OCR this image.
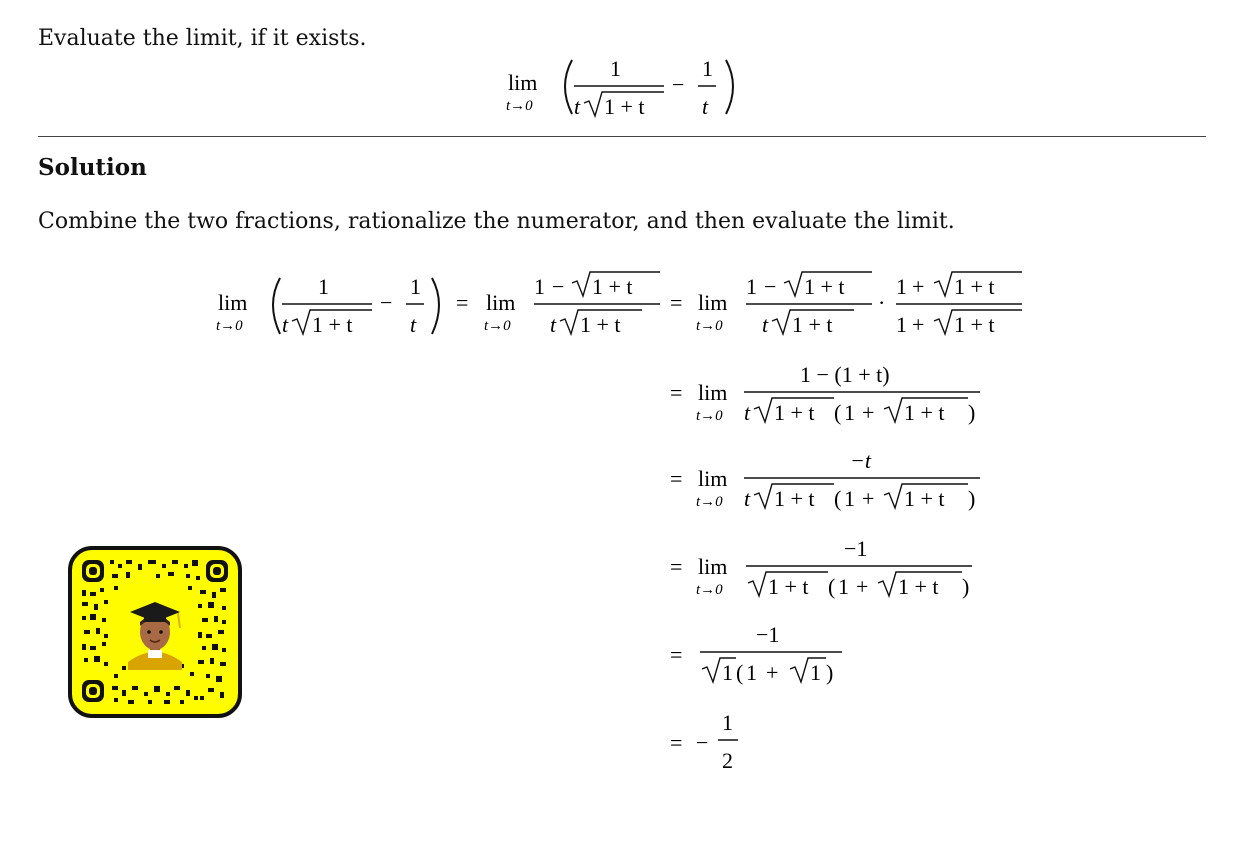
Evaluate the limit, if it exists.
lim
t→0
1
t 1 + t
−
1
t
Solution
Combine the two fractions, rationalize the numerator, and then evaluate the limit.
lim
t→0
1
t 1 + t
−
1
t
= lim
t→0
1 − 1 + t
t 1 + t
= lim
t→0
1 − 1 + t
t 1 + t
·
1 + 1 + t
1 + 1 + t
= lim
t→0
1 − (1 + t)
t 1 + t ( 1 + 1 + t )
= lim
t→0
−t
t 1 + t ( 1 + 1 + t )
= lim
t→0
−1
1 + t ( 1 + 1 + t )
=
−1
1 ( 1 + 1 )
= −
1
2
